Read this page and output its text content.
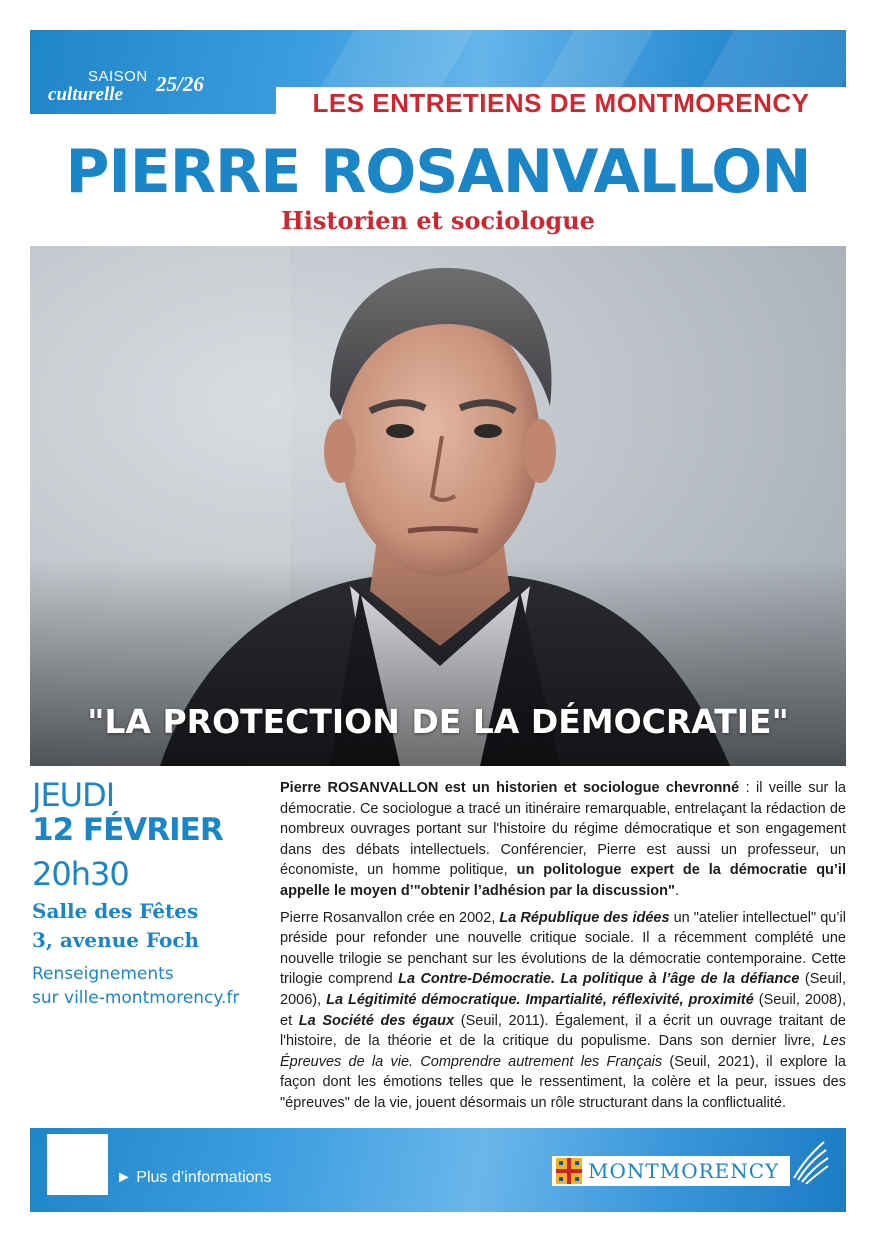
SAISON
culturelle 25/26
LES ENTRETIENS DE MONTMORENCY
PIERRE ROSANVALLON
Historien et sociologue
"LA PROTECTION DE LA DÉMOCRATIE"
JEUDI
12 FÉVRIER
20h30
Salle des Fêtes
3, avenue Foch
Renseignements
sur ville-montmorency.fr

Pierre ROSANVALLON est un historien et sociologue chevronné : il veille sur la démocratie. Ce sociologue a tracé un itinéraire remarquable, entrelaçant la rédaction de nombreux ouvrages portant sur l'histoire du régime démocratique et son engagement dans des débats intellectuels. Conférencier, Pierre est aussi un professeur, un économiste, un homme politique, un politologue expert de la démocratie qu’il appelle le moyen d’"obtenir l’adhésion par la discussion".

Pierre Rosanvallon crée en 2002, La République des idées un "atelier intellectuel" qu’il préside pour refonder une nouvelle critique sociale. Il a récemment complété une nouvelle trilogie se penchant sur les évolutions de la démocratie contemporaine. Cette trilogie comprend La Contre-Démocratie. La politique à l’âge de la défiance (Seuil, 2006), La Légitimité démocratique. Impartialité, réflexivité, proximité (Seuil, 2008), et La Société des égaux (Seuil, 2011). Également, il a écrit un ouvrage traitant de l'histoire, de la théorie et de la critique du populisme. Dans son dernier livre, Les Épreuves de la vie. Comprendre autrement les Français (Seuil, 2021), il explore la façon dont les émotions telles que le ressentiment, la colère et la peur, issues des "épreuves" de la vie, jouent désormais un rôle structurant dans la conflictualité.

► Plus d’informations	MONTMORENCY
